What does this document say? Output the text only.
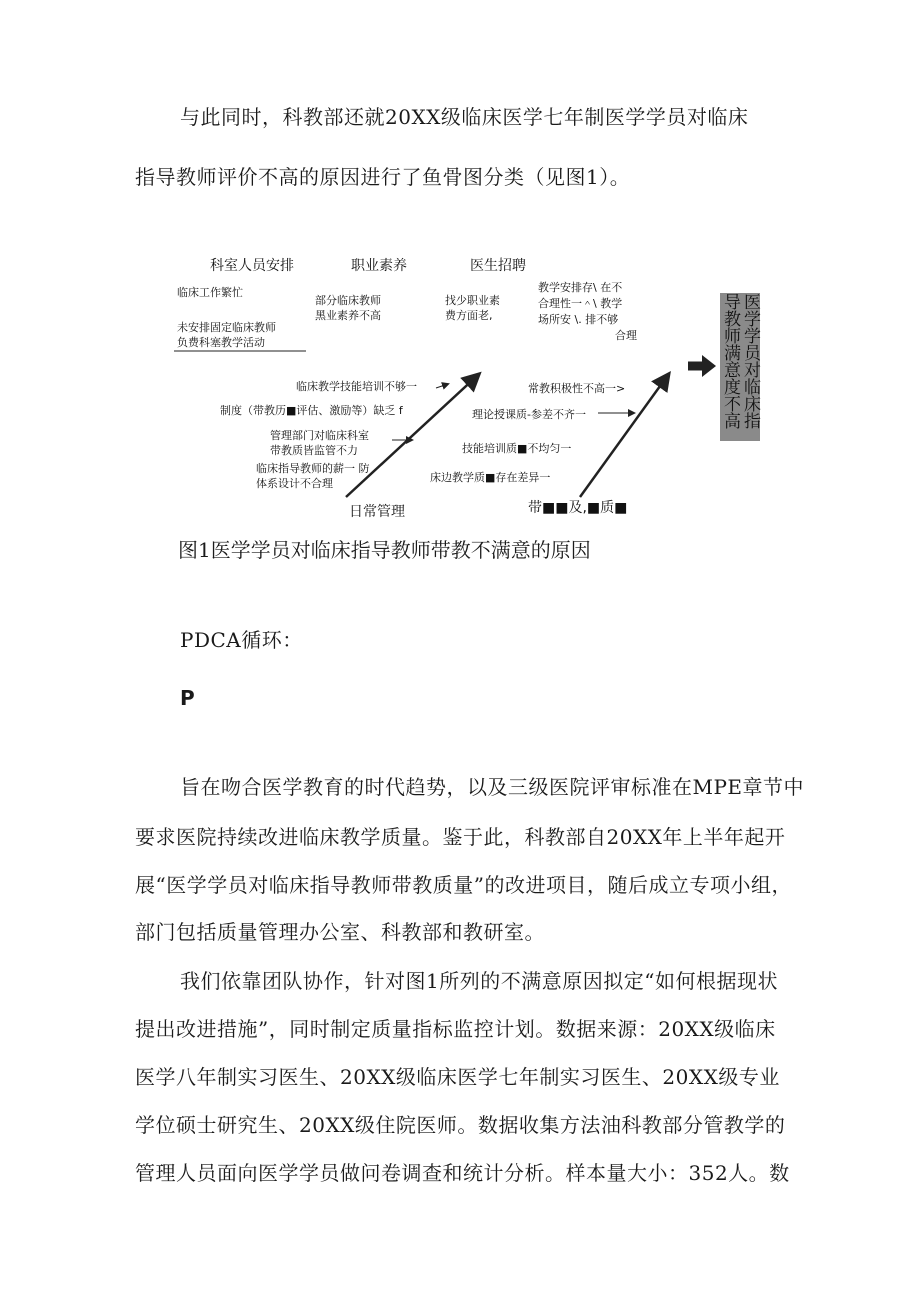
与此同时，科教部还就20XX级临床医学七年制医学学员对临床
指导教师评价不高的原因进行了鱼骨图分类（见图1）。
科室人员安排	职业素养	医生招聘
临床工作繁忙
未安排固定临床教师
负费科塞教学活动
部分临床教师
黑业素养不高
找少职业素
费方面老,
教学安排存\ 在不
合理性一＾\ 教学
场所安 \. 排不够
合理
临床教学技能培训不够一
制度（带教历■评估、激励等）缺乏 f
管理部门对临床科室
带教质皆监管不力
临床指导教师的薪一 防
体系设计不合理
常教积极性不高一>
理论授课质-参差不齐一
技能培训质■不均匀一
床边教学质■存在差异一
日常管理	带■■及,■质■
医学学员对临床指导教师满意度不高
图1医学学员对临床指导教师带教不满意的原因
PDCA循环：
P
旨在吻合医学教育的时代趋势，以及三级医院评审标准在MPE章节中
要求医院持续改进临床教学质量。鉴于此，科教部自20XX年上半年起开
展“医学学员对临床指导教师带教质量”的改进项目，随后成立专项小组，
部门包括质量管理办公室、科教部和教研室。
我们依靠团队协作，针对图1所列的不满意原因拟定“如何根据现状
提出改进措施”，同时制定质量指标监控计划。数据来源：20XX级临床
医学八年制实习医生、20XX级临床医学七年制实习医生、20XX级专业
学位硕士研究生、20XX级住院医师。数据收集方法油科教部分管教学的
管理人员面向医学学员做问卷调查和统计分析。样本量大小：352人。数
